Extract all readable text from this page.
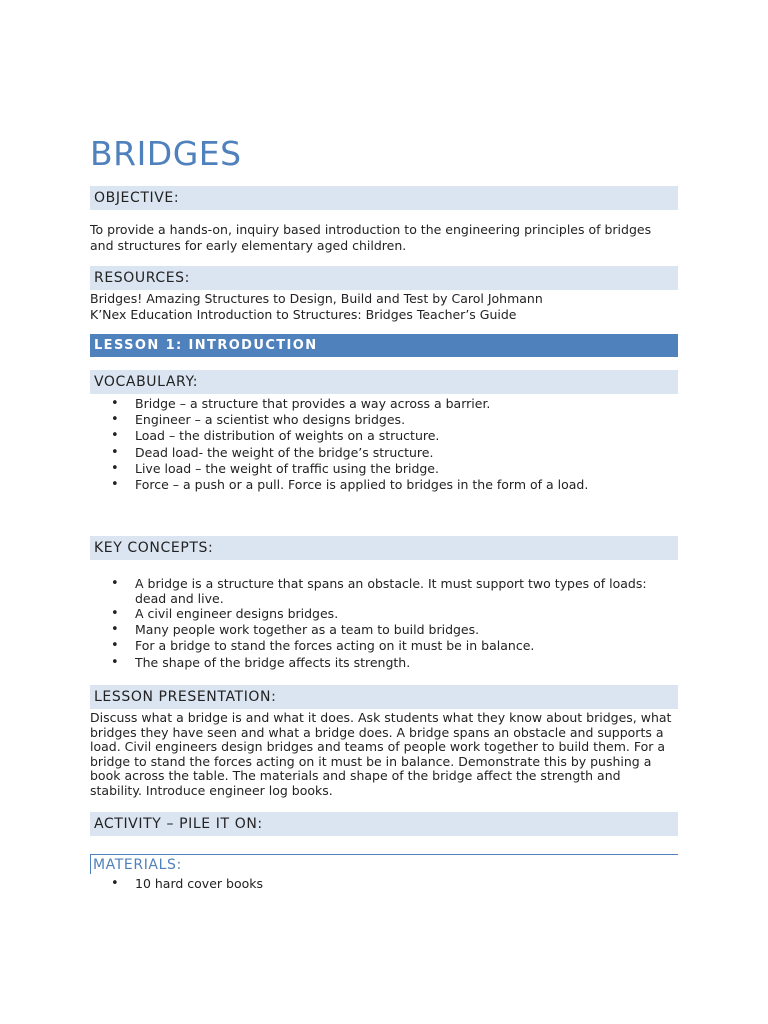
BRIDGES
OBJECTIVE:
To provide a hands-on, inquiry based introduction to the engineering principles of bridges
and structures for early elementary aged children.
RESOURCES:
Bridges! Amazing Structures to Design, Build and Test by Carol Johmann
K’Nex Education Introduction to Structures: Bridges Teacher’s Guide
LESSON 1: INTRODUCTION
VOCABULARY:
• Bridge – a structure that provides a way across a barrier.
• Engineer – a scientist who designs bridges.
• Load – the distribution of weights on a structure.
• Dead load- the weight of the bridge’s structure.
• Live load – the weight of traffic using the bridge.
• Force – a push or a pull. Force is applied to bridges in the form of a load.
KEY CONCEPTS:
• A bridge is a structure that spans an obstacle. It must support two types of loads: dead and live.
• A civil engineer designs bridges.
• Many people work together as a team to build bridges.
• For a bridge to stand the forces acting on it must be in balance.
• The shape of the bridge affects its strength.
LESSON PRESENTATION:
Discuss what a bridge is and what it does. Ask students what they know about bridges, what
bridges they have seen and what a bridge does. A bridge spans an obstacle and supports a
load. Civil engineers design bridges and teams of people work together to build them. For a
bridge to stand the forces acting on it must be in balance. Demonstrate this by pushing a
book across the table. The materials and shape of the bridge affect the strength and
stability. Introduce engineer log books.
ACTIVITY – PILE IT ON:
MATERIALS:
• 10 hard cover books
